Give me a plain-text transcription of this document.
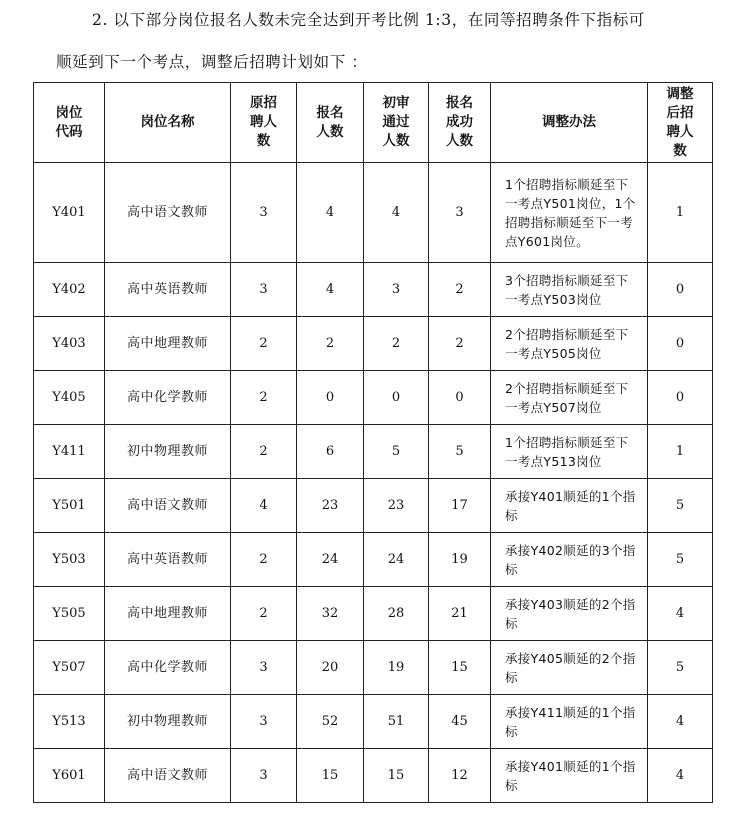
2. 以下部分岗位报名人数未完全达到开考比例 1:3，在同等招聘条件下指标可
顺延到下一个考点，调整后招聘计划如下 ：
岗位代码	岗位名称	原招聘人数	报名人数	初审通过人数	报名成功人数	调整办法	调整后招聘人数

Y401	高中语文教师	3	4	4	3	1个招聘指标顺延至下一考点Y501岗位，1个招聘指标顺延至下一考点Y601岗位。	1
Y402	高中英语教师	3	4	3	2	3个招聘指标顺延至下一考点Y503岗位	0
Y403	高中地理教师	2	2	2	2	2个招聘指标顺延至下一考点Y505岗位	0
Y405	高中化学教师	2	0	0	0	2个招聘指标顺延至下一考点Y507岗位	0
Y411	初中物理教师	2	6	5	5	1个招聘指标顺延至下一考点Y513岗位	1
Y501	高中语文教师	4	23	23	17	承接Y401顺延的1个指标	5
Y503	高中英语教师	2	24	24	19	承接Y402顺延的3个指标	5
Y505	高中地理教师	2	32	28	21	承接Y403顺延的2个指标	4
Y507	高中化学教师	3	20	19	15	承接Y405顺延的2个指标	5
Y513	初中物理教师	3	52	51	45	承接Y411顺延的1个指标	4
Y601	高中语文教师	3	15	15	12	承接Y401顺延的1个指标	4
